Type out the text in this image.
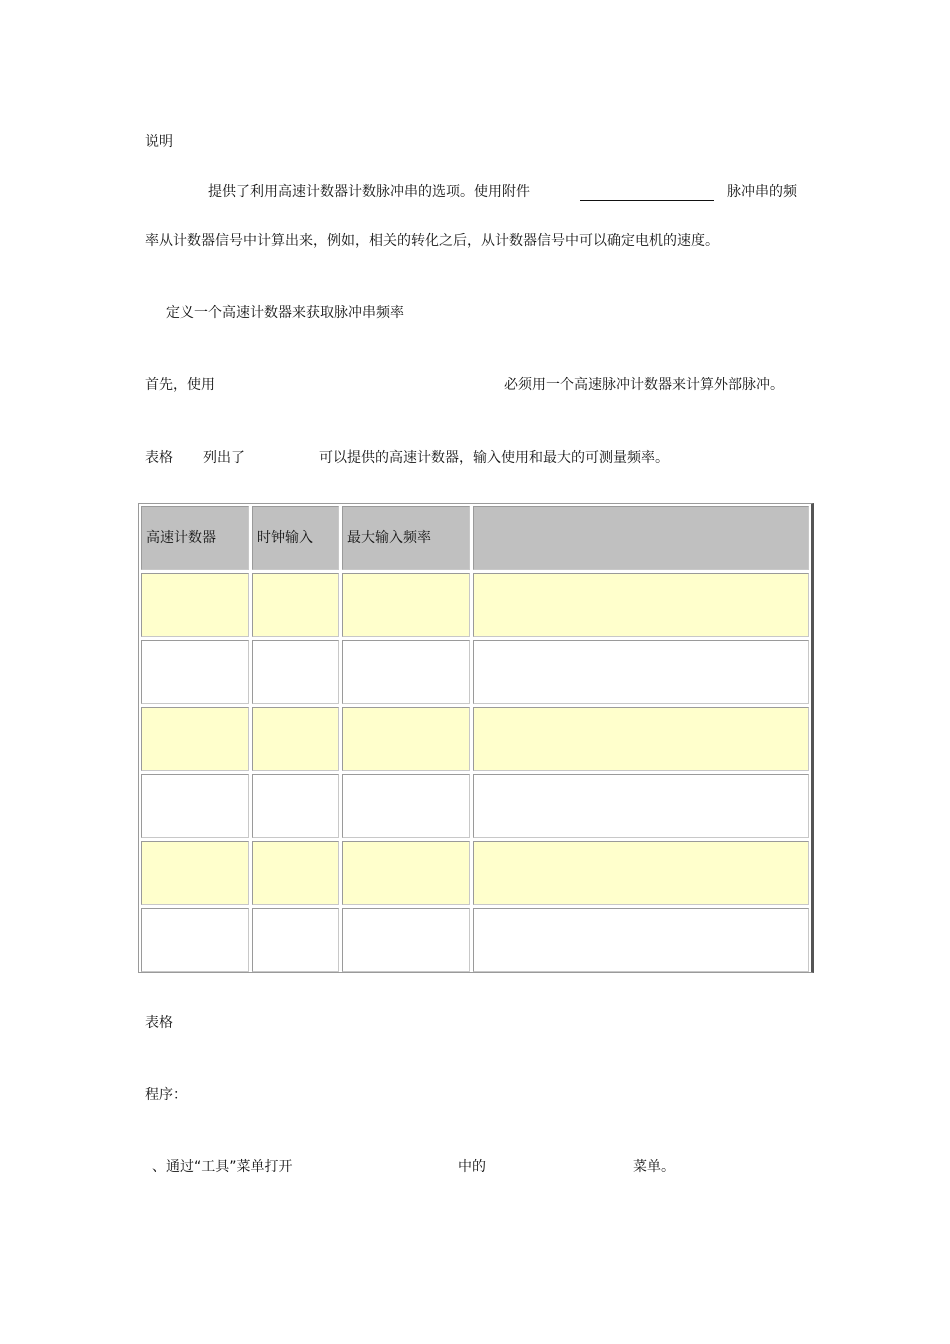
说明
提供了利用高速计数器计数脉冲串的选项。使用附件	脉冲串的频
率从计数器信号中计算出来，例如，相关的转化之后，从计数器信号中可以确定电机的速度。
定义一个高速计数器来获取脉冲串频率
首先，使用	必须用一个高速脉冲计数器来计算外部脉冲。
表格 列出了	可以提供的高速计数器，输入使用和最大的可测量频率。
高速计数器	时钟输入 最大输入频率
表格
程序：
、通过“工具”菜单打开	中的	菜单。
